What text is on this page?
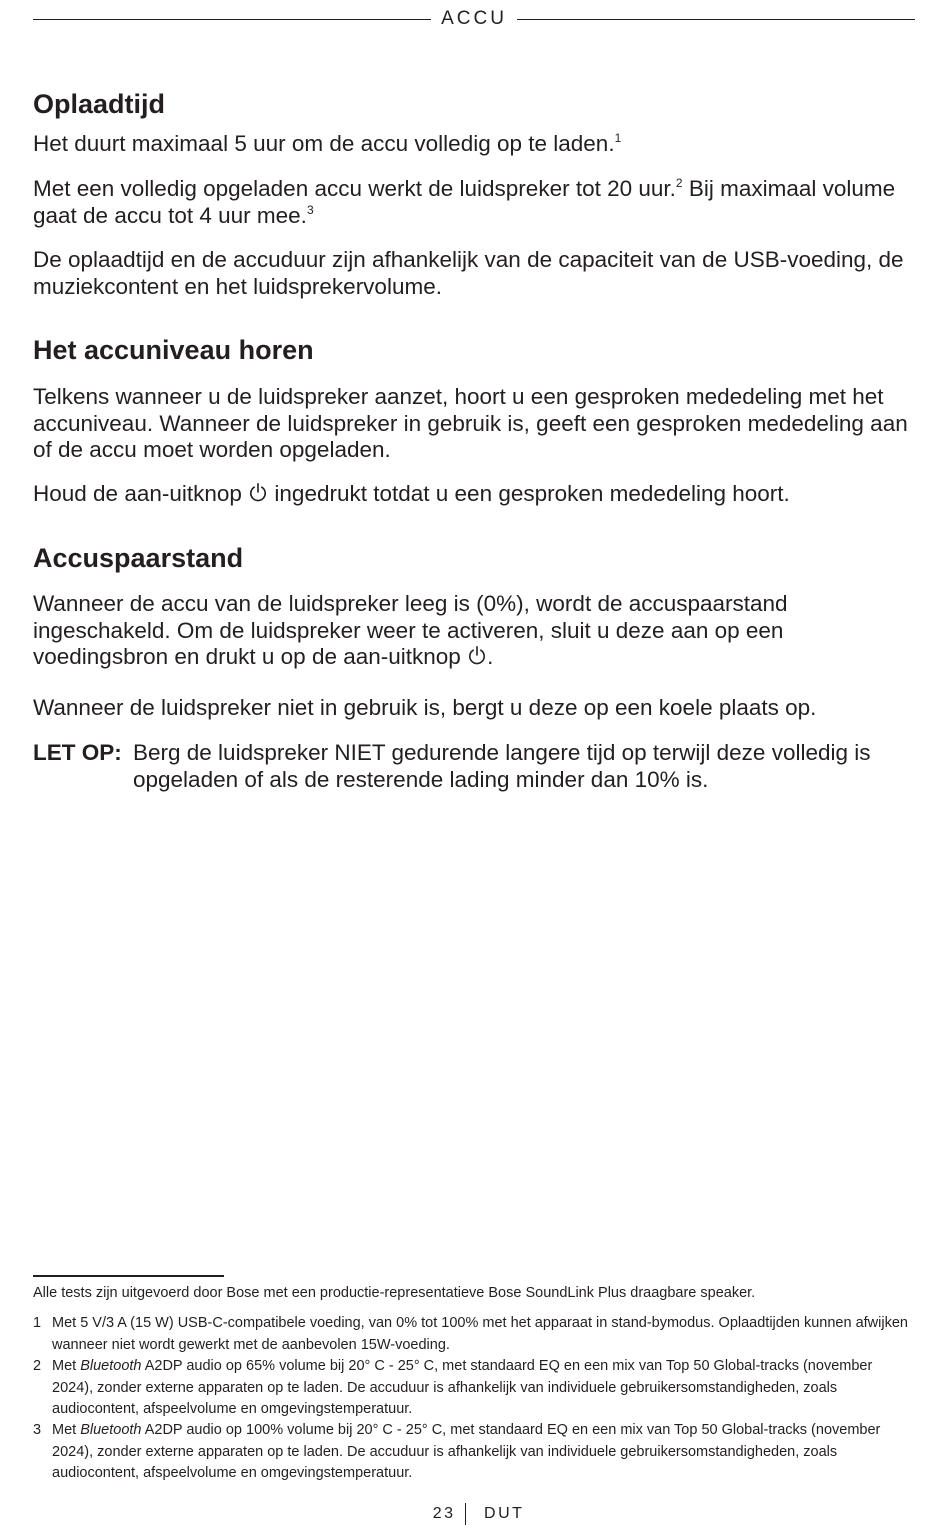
ACCU
Oplaadtijd

Het duurt maximaal 5 uur om de accu volledig op te laden.$^1$

Met een volledig opgeladen accu werkt de luidspreker tot 20 uur.$^2$ Bij maximaal volume gaat de accu tot 4 uur mee.$^3$

De oplaadtijd en de accuduur zijn afhankelijk van de capaciteit van de USB-voeding, de muziekcontent en het luidsprekervolume.

Het accuniveau horen

Telkens wanneer u de luidspreker aanzet, hoort u een gesproken mededeling met het accuniveau. Wanneer de luidspreker in gebruik is, geeft een gesproken mededeling aan of de accu moet worden opgeladen.

Houd de aan-uitknop  ingedrukt totdat u een gesproken mededeling hoort.

Accuspaarstand

Wanneer de accu van de luidspreker leeg is (0%), wordt de accuspaarstand ingeschakeld. Om de luidspreker weer te activeren, sluit u deze aan op een voedingsbron en drukt u op de aan-uitknop .

Wanneer de luidspreker niet in gebruik is, bergt u deze op een koele plaats op.

LET OP: Berg de luidspreker NIET gedurende langere tijd op terwijl deze volledig is opgeladen of als de resterende lading minder dan 10% is.

Alle tests zijn uitgevoerd door Bose met een productie-representatieve Bose SoundLink Plus draagbare speaker.

1 Met 5 V/3 A (15 W) USB-C-compatibele voeding, van 0% tot 100% met het apparaat in stand-bymodus. Oplaadtijden kunnen afwijken wanneer niet wordt gewerkt met de aanbevolen 15W-voeding.
2 Met Bluetooth A2DP audio op 65% volume bij 20° C - 25° C, met standaard EQ en een mix van Top 50 Global-tracks (november 2024), zonder externe apparaten op te laden. De accuduur is afhankelijk van individuele gebruikersomstandigheden, zoals audiocontent, afspeelvolume en omgevingstemperatuur.
3 Met Bluetooth A2DP audio op 100% volume bij 20° C - 25° C, met standaard EQ en een mix van Top 50 Global-tracks (november 2024), zonder externe apparaten op te laden. De accuduur is afhankelijk van individuele gebruikersomstandigheden, zoals audiocontent, afspeelvolume en omgevingstemperatuur.
23 DUT
